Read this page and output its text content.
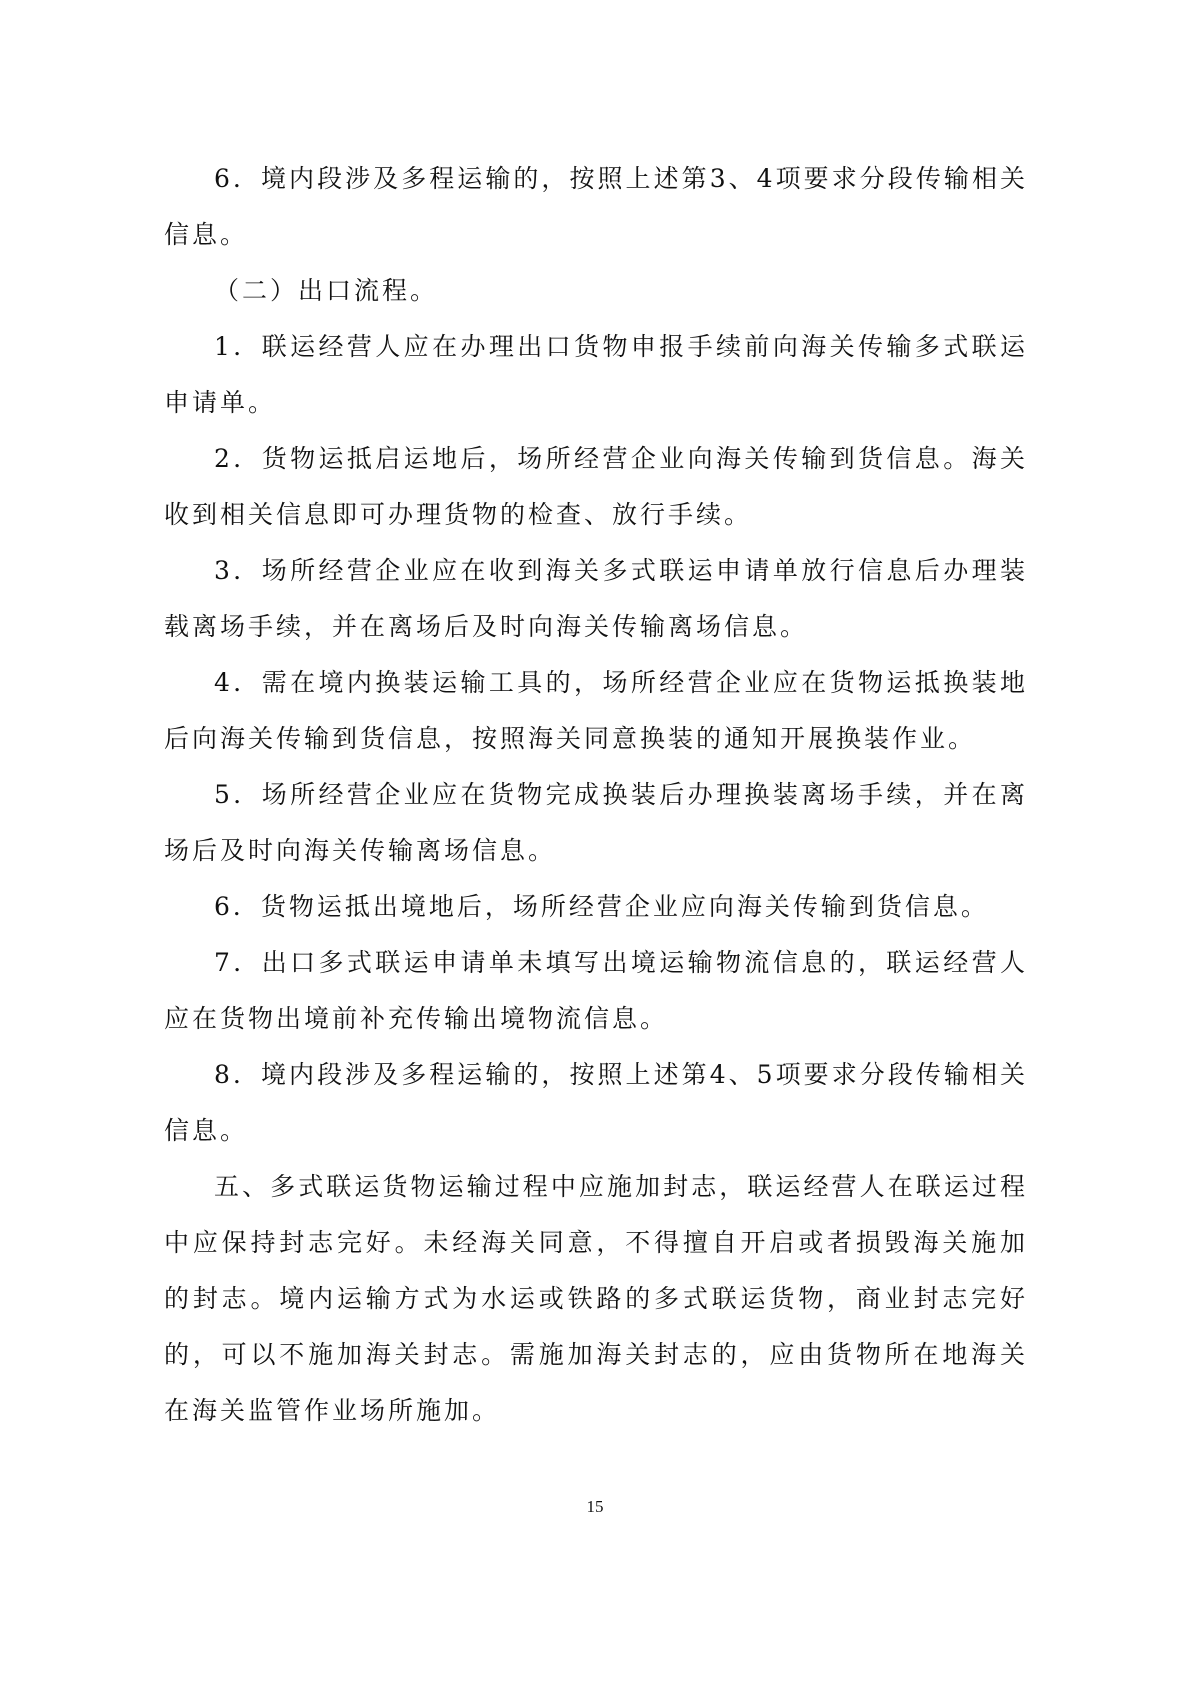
6．境内段涉及多程运输的，按照上述第3、4项要求分段传输相关信息。

（二）出口流程。

1．联运经营人应在办理出口货物申报手续前向海关传输多式联运申请单。

2．货物运抵启运地后，场所经营企业向海关传输到货信息。海关收到相关信息即可办理货物的检查、放行手续。

3．场所经营企业应在收到海关多式联运申请单放行信息后办理装载离场手续，并在离场后及时向海关传输离场信息。

4．需在境内换装运输工具的，场所经营企业应在货物运抵换装地后向海关传输到货信息，按照海关同意换装的通知开展换装作业。

5．场所经营企业应在货物完成换装后办理换装离场手续，并在离场后及时向海关传输离场信息。

6．货物运抵出境地后，场所经营企业应向海关传输到货信息。

7．出口多式联运申请单未填写出境运输物流信息的，联运经营人应在货物出境前补充传输出境物流信息。

8．境内段涉及多程运输的，按照上述第4、5项要求分段传输相关信息。

五、多式联运货物运输过程中应施加封志，联运经营人在联运过程中应保持封志完好。未经海关同意，不得擅自开启或者损毁海关施加的封志。境内运输方式为水运或铁路的多式联运货物，商业封志完好的，可以不施加海关封志。需施加海关封志的，应由货物所在地海关在海关监管作业场所施加。

15
